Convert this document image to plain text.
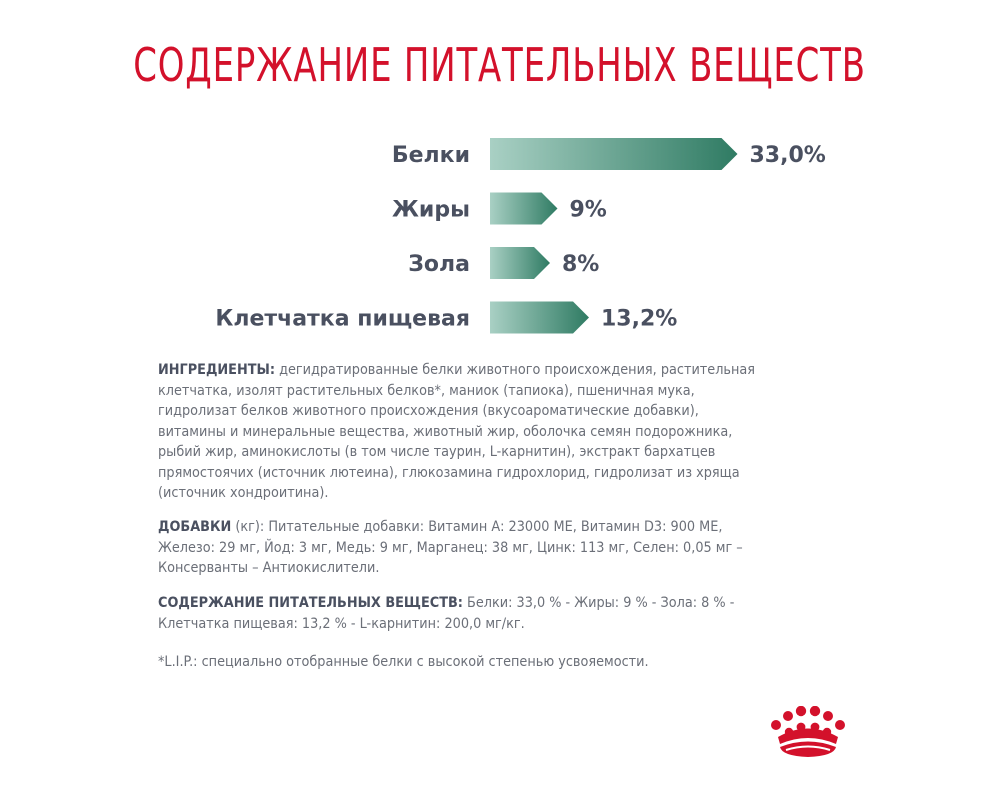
СОДЕРЖАНИЕ ПИТАТЕЛЬНЫХ ВЕЩЕСТВ
Белки	33,0%
Жиры	9%
Зола	8%
Клетчатка пищевая	13,2%
ИНГРЕДИЕНТЫ: дегидратированные белки животного происхождения, растительная
клетчатка, изолят растительных белков*, маниок (тапиока), пшеничная мука,
гидролизат белков животного происхождения (вкусоароматические добавки),
витамины и минеральные вещества, животный жир, оболочка семян подорожника,
рыбий жир, аминокислоты (в том числе таурин, L-карнитин), экстракт бархатцев
прямостоячих (источник лютеина), глюкозамина гидрохлорид, гидролизат из хряща
(источник хондроитина).
ДОБАВКИ (кг): Питательные добавки: Витамин А: 23000 МЕ, Витамин D3: 900 МЕ,
Железо: 29 мг, Йод: 3 мг, Медь: 9 мг, Марганец: 38 мг, Цинк: 113 мг, Селен: 0,05 мг –
Консерванты – Антиокислители.
СОДЕРЖАНИЕ ПИТАТЕЛЬНЫХ ВЕЩЕСТВ: Белки: 33,0 % - Жиры: 9 % - Зола: 8 % -
Клетчатка пищевая: 13,2 % - L-карнитин: 200,0 мг/кг.
*L.I.P.: специально отобранные белки с высокой степенью усвояемости.
